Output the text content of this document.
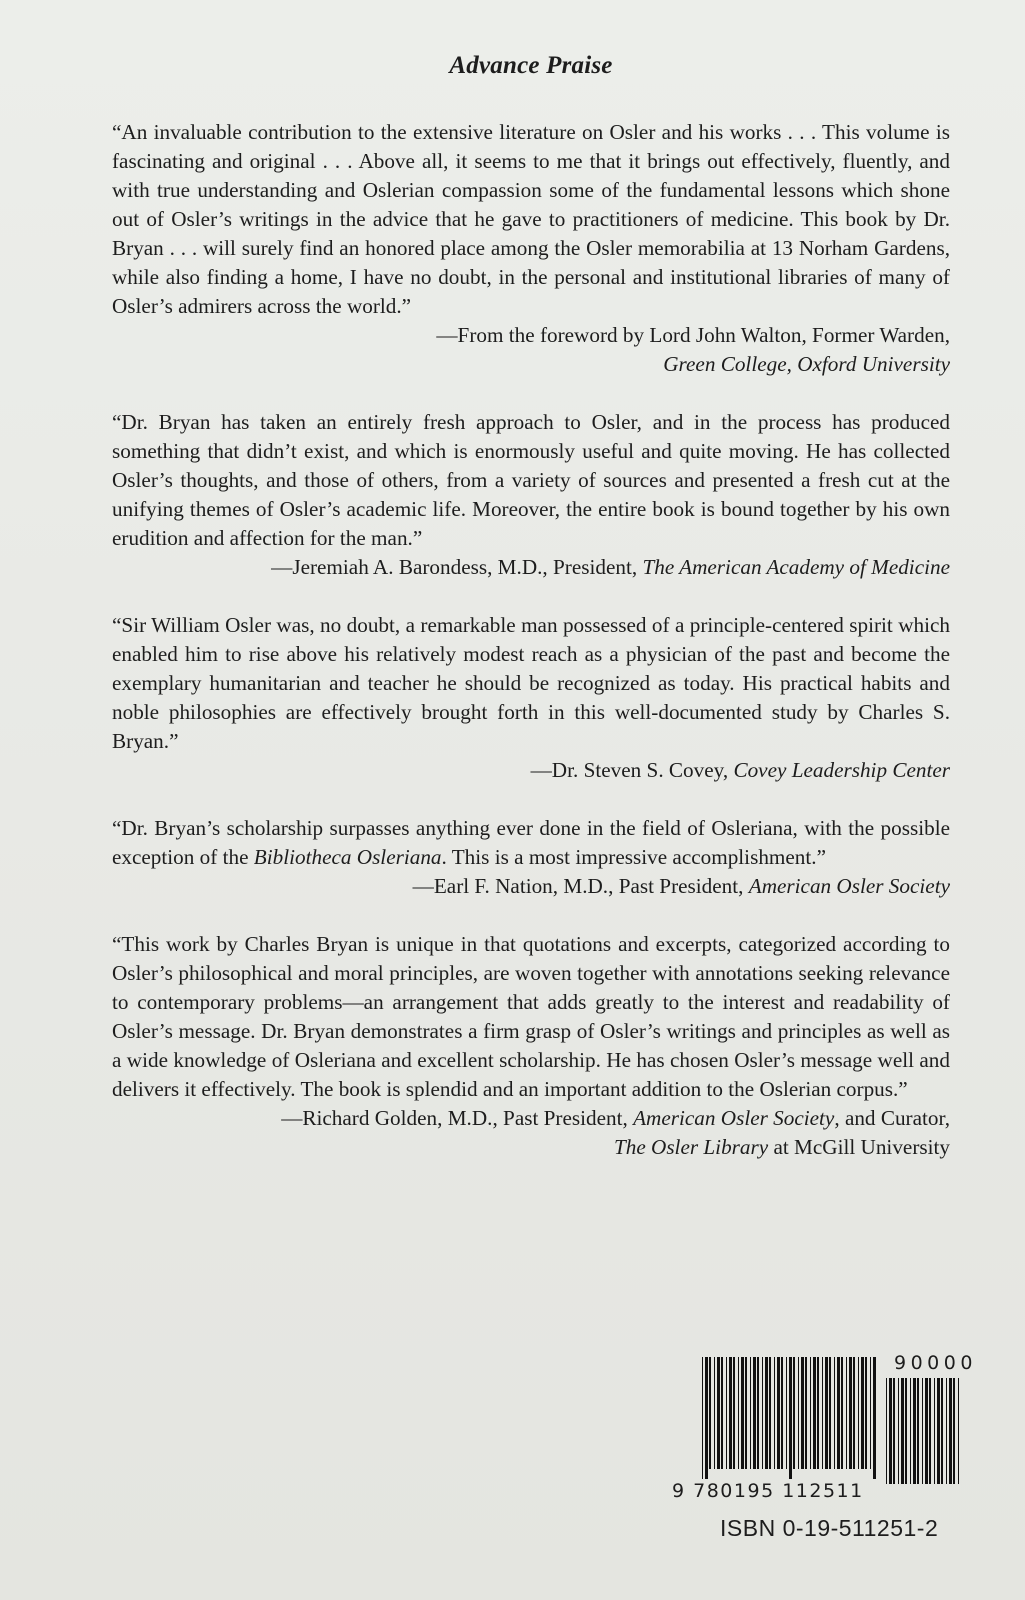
Advance Praise

“An invaluable contribution to the extensive literature on Osler and his works . . . This volume is fascinating and original . . . Above all, it seems to me that it brings out effectively, fluently, and with true understanding and Oslerian compassion some of the fundamental lessons which shone out of Osler’s writings in the advice that he gave to practitioners of medicine. This book by Dr. Bryan . . . will surely find an honored place among the Osler memorabilia at 13 Norham Gardens, while also finding a home, I have no doubt, in the personal and institutional libraries of many of Osler’s admirers across the world.”

—From the foreword by Lord John Walton, Former Warden,
Green College, Oxford University

“Dr. Bryan has taken an entirely fresh approach to Osler, and in the process has produced something that didn’t exist, and which is enormously useful and quite moving. He has collected Osler’s thoughts, and those of others, from a variety of sources and presented a fresh cut at the unifying themes of Osler’s academic life. Moreover, the entire book is bound together by his own erudition and affection for the man.”

—Jeremiah A. Barondess, M.D., President, The American Academy of Medicine

“Sir William Osler was, no doubt, a remarkable man possessed of a principle-centered spirit which enabled him to rise above his relatively modest reach as a physician of the past and become the exemplary humanitarian and teacher he should be recognized as today. His practical habits and noble philosophies are effectively brought forth in this well-documented study by Charles S. Bryan.”

—Dr. Steven S. Covey, Covey Leadership Center

“Dr. Bryan’s scholarship surpasses anything ever done in the field of Osleriana, with the possible exception of the Bibliotheca Osleriana. This is a most impressive accomplishment.”

—Earl F. Nation, M.D., Past President, American Osler Society

“This work by Charles Bryan is unique in that quotations and excerpts, categorized according to Osler’s philosophical and moral principles, are woven together with annotations seeking relevance to contemporary problems—an arrangement that adds greatly to the interest and readability of Osler’s message. Dr. Bryan demonstrates a firm grasp of Osler’s writings and principles as well as a wide knowledge of Osleriana and excellent scholarship. He has chosen Osler’s message well and delivers it effectively. The book is splendid and an important addition to the Oslerian corpus.”

—Richard Golden, M.D., Past President, American Osler Society, and Curator,
The Osler Library at McGill University

90000
9 780195 112511
ISBN 0-19-511251-2
